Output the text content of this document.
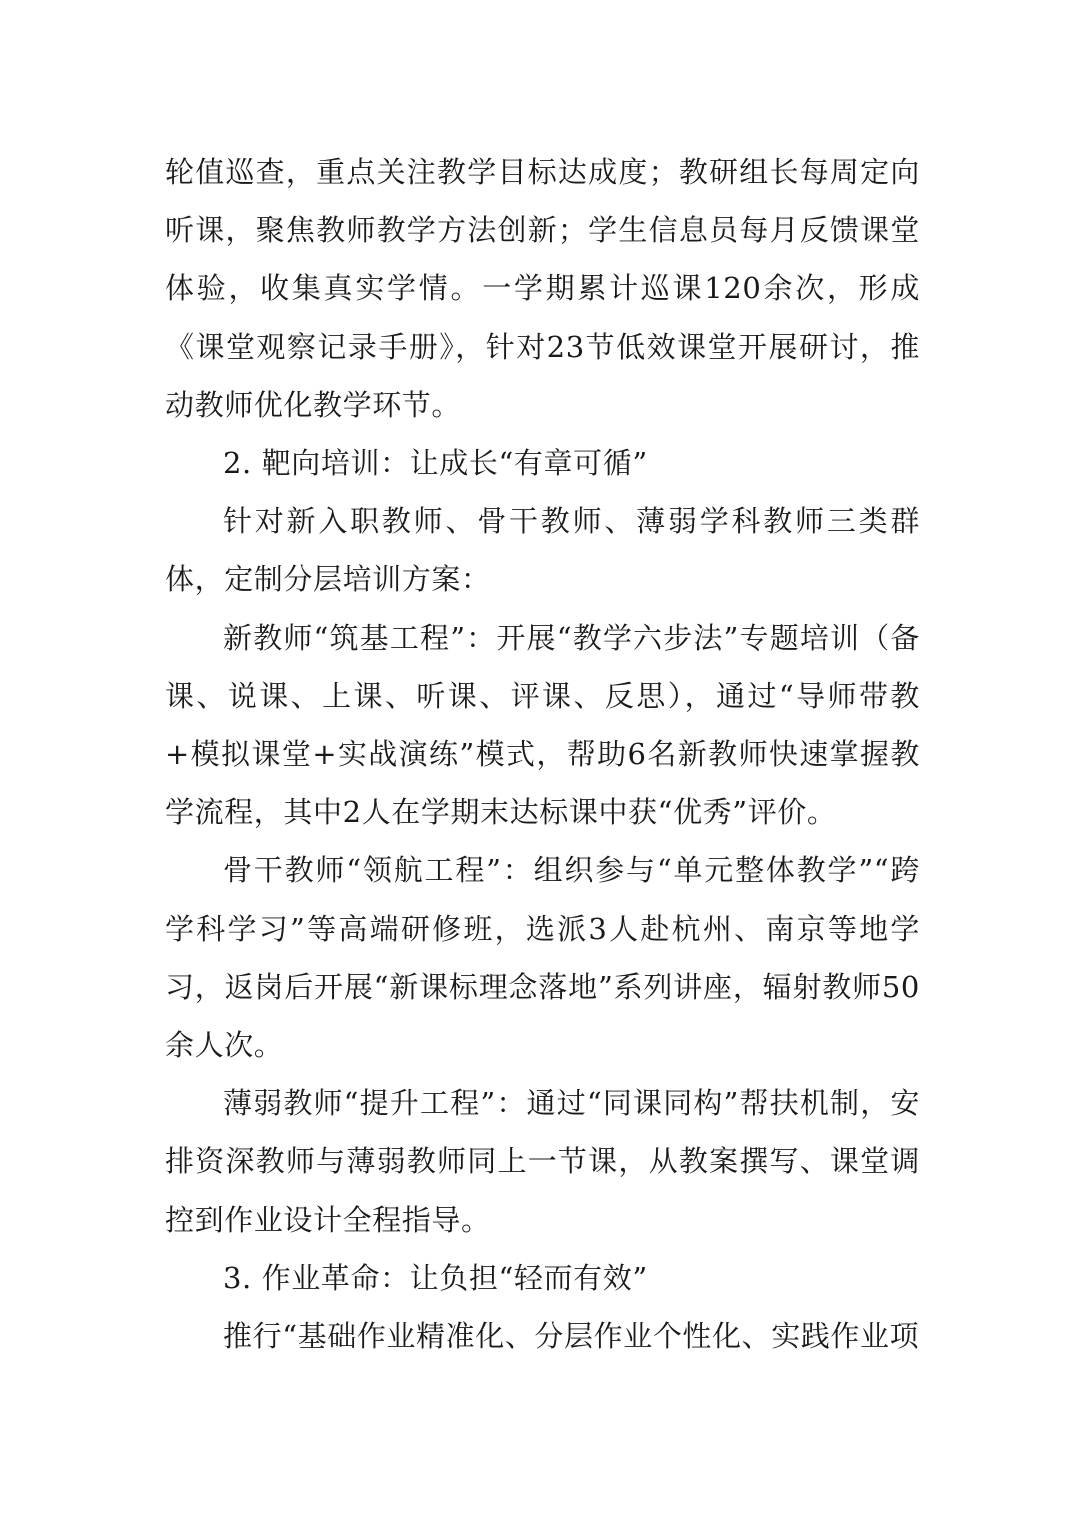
轮值巡查，重点关注教学目标达成度；教研组长每周定向听课，聚焦教师教学方法创新；学生信息员每月反馈课堂体验，收集真实学情。一学期累计巡课120余次，形成《课堂观察记录手册》，针对23节低效课堂开展研讨，推动教师优化教学环节。

2. 靶向培训：让成长“有章可循”

针对新入职教师、骨干教师、薄弱学科教师三类群体，定制分层培训方案：

新教师“筑基工程”：开展“教学六步法”专题培训（备课、说课、上课、听课、评课、反思），通过“导师带教+模拟课堂+实战演练”模式，帮助6名新教师快速掌握教学流程，其中2人在学期末达标课中获“优秀”评价。

骨干教师“领航工程”：组织参与“单元整体教学”“跨学科学习”等高端研修班，选派3人赴杭州、南京等地学习，返岗后开展“新课标理念落地”系列讲座，辐射教师50余人次。

薄弱教师“提升工程”：通过“同课同构”帮扶机制，安排资深教师与薄弱教师同上一节课，从教案撰写、课堂调控到作业设计全程指导。

3. 作业革命：让负担“轻而有效”

推行“基础作业精准化、分层作业个性化、实践作业项
